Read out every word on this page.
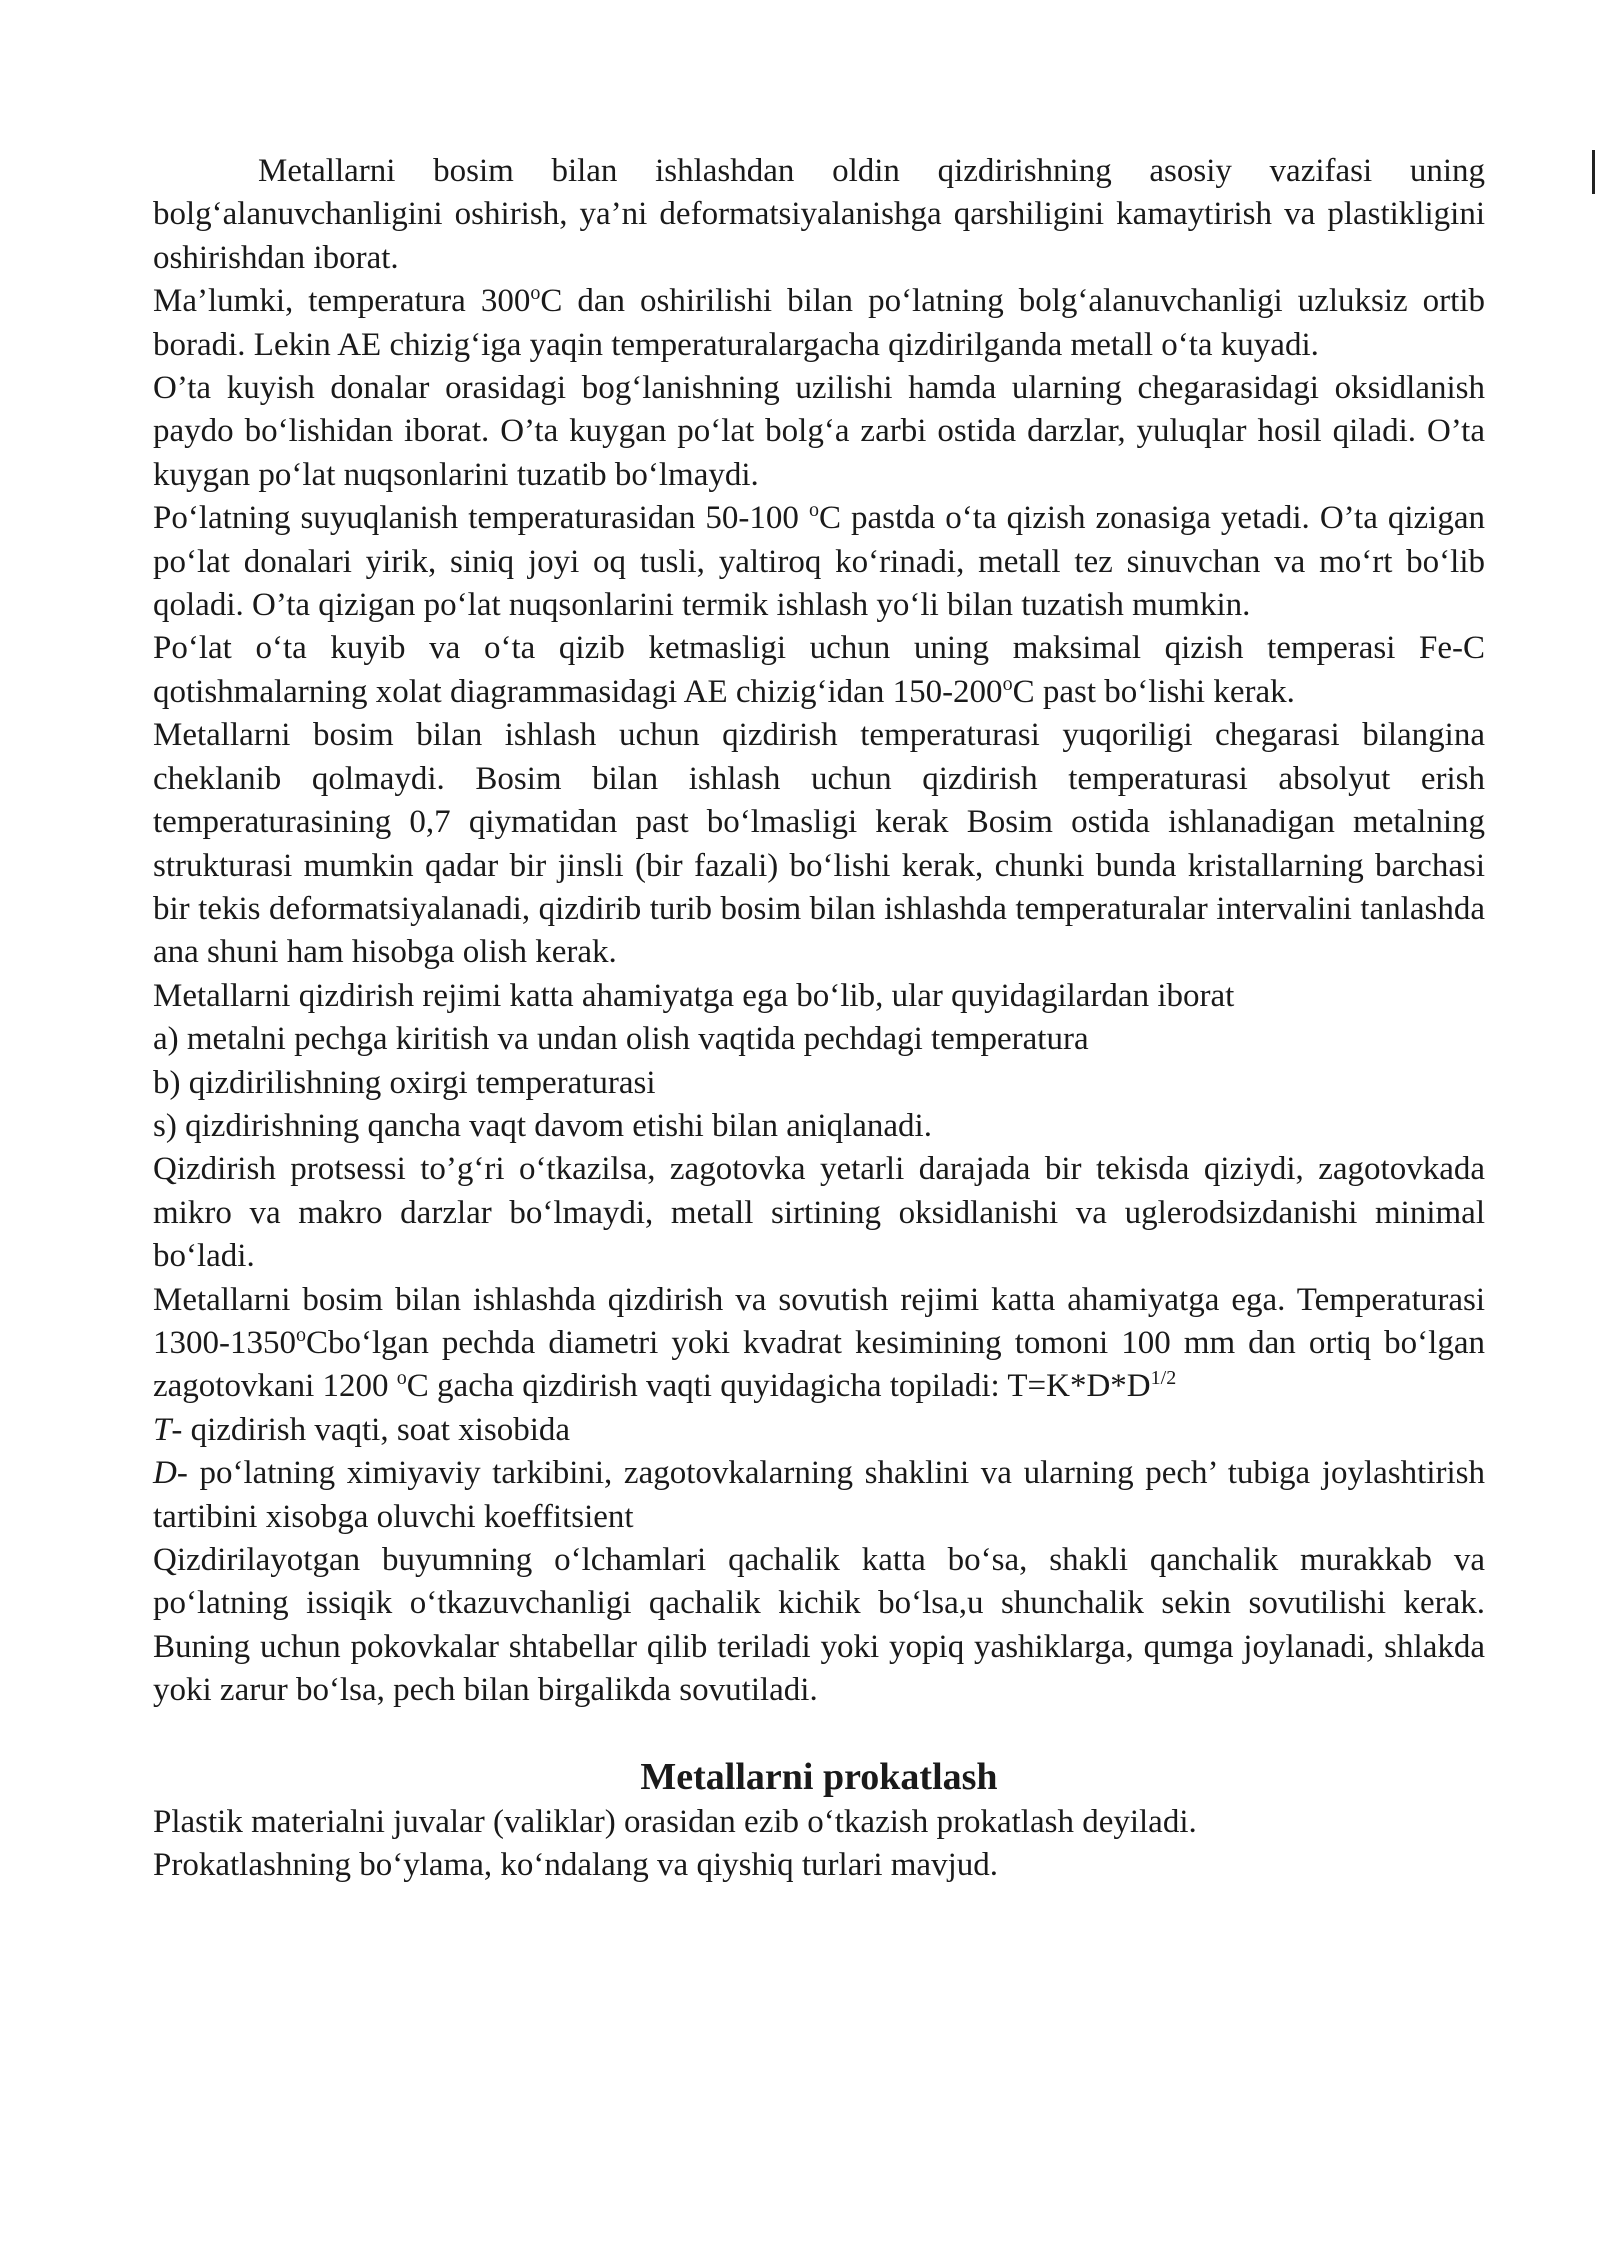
Metallarni bosim bilan ishlashdan oldin qizdirishning asosiy vazifasi uning bolg‘alanuvchanligini oshirish, ya’ni deformatsiyalanishga qarshiligini kamaytirish va plastikligini oshirishdan iborat.

Ma’lumki, temperatura 300$^o$C dan oshirilishi bilan po‘latning bolg‘alanuvchanligi uzluksiz ortib boradi. Lekin AE chizig‘iga yaqin temperaturalargacha qizdirilganda metall o‘ta kuyadi.

O’ta kuyish donalar orasidagi bog‘lanishning uzilishi hamda ularning chegarasidagi oksidlanish paydo bo‘lishidan iborat. O’ta kuygan po‘lat bolg‘a zarbi ostida darzlar, yuluqlar hosil qiladi. O’ta kuygan po‘lat nuqsonlarini tuzatib bo‘lmaydi.

Po‘latning suyuqlanish temperaturasidan 50-100 $^o$C pastda o‘ta qizish zonasiga yetadi. O’ta qizigan po‘lat donalari yirik, siniq joyi oq tusli, yaltiroq ko‘rinadi, metall tez sinuvchan va mo‘rt bo‘lib qoladi. O’ta qizigan po‘lat nuqsonlarini termik ishlash yo‘li bilan tuzatish mumkin.

Po‘lat o‘ta kuyib va o‘ta qizib ketmasligi uchun uning maksimal qizish temperasi Fe-C qotishmalarning xolat diagrammasidagi AE chizig‘idan 150-200$^o$C past bo‘lishi kerak.

Metallarni bosim bilan ishlash uchun qizdirish temperaturasi yuqoriligi chegarasi bilangina cheklanib qolmaydi. Bosim bilan ishlash uchun qizdirish temperaturasi absolyut erish temperaturasining 0,7 qiymatidan past bo‘lmasligi kerak Bosim ostida ishlanadigan metalning strukturasi mumkin qadar bir jinsli (bir fazali) bo‘lishi kerak, chunki bunda kristallarning barchasi bir tekis deformatsiyalanadi, qizdirib turib bosim bilan ishlashda temperaturalar intervalini tanlashda ana shuni ham hisobga olish kerak.

Metallarni qizdirish rejimi katta ahamiyatga ega bo‘lib, ular quyidagilardan iborat

a) metalni pechga kiritish va undan olish vaqtida pechdagi temperatura

b) qizdirilishning oxirgi temperaturasi

s) qizdirishning qancha vaqt davom etishi bilan aniqlanadi.

Qizdirish protsessi to’g‘ri o‘tkazilsa, zagotovka yetarli darajada bir tekisda qiziydi, zagotovkada mikro va makro darzlar bo‘lmaydi, metall sirtining oksidlanishi va uglerodsizdanishi minimal bo‘ladi.

Metallarni bosim bilan ishlashda qizdirish va sovutish rejimi katta ahamiyatga ega. Temperaturasi 1300-1350$^o$Cbo‘lgan pechda diametri yoki kvadrat kesimining tomoni 100 mm dan ortiq bo‘lgan zagotovkani 1200 $^o$C gacha qizdirish vaqti quyidagicha topiladi: $T=K*D*D^{1/2}$

T- qizdirish vaqti, soat xisobida

D- po‘latning ximiyaviy tarkibini, zagotovkalarning shaklini va ularning pech’ tubiga joylashtirish tartibini xisobga oluvchi koeffitsient

Qizdirilayotgan buyumning o‘lchamlari qachalik katta bo‘sa, shakli qanchalik murakkab va po‘latning issiqik o‘tkazuvchanligi qachalik kichik bo‘lsa,u shunchalik sekin sovutilishi kerak. Buning uchun pokovkalar shtabellar qilib teriladi yoki yopiq yashiklarga, qumga joylanadi, shlakda yoki zarur bo‘lsa, pech bilan birgalikda sovutiladi.

Metallarni prokatlash

Plastik materialni juvalar (valiklar) orasidan ezib o‘tkazish prokatlash deyiladi.

Prokatlashning bo‘ylama, ko‘ndalang va qiyshiq turlari mavjud.
